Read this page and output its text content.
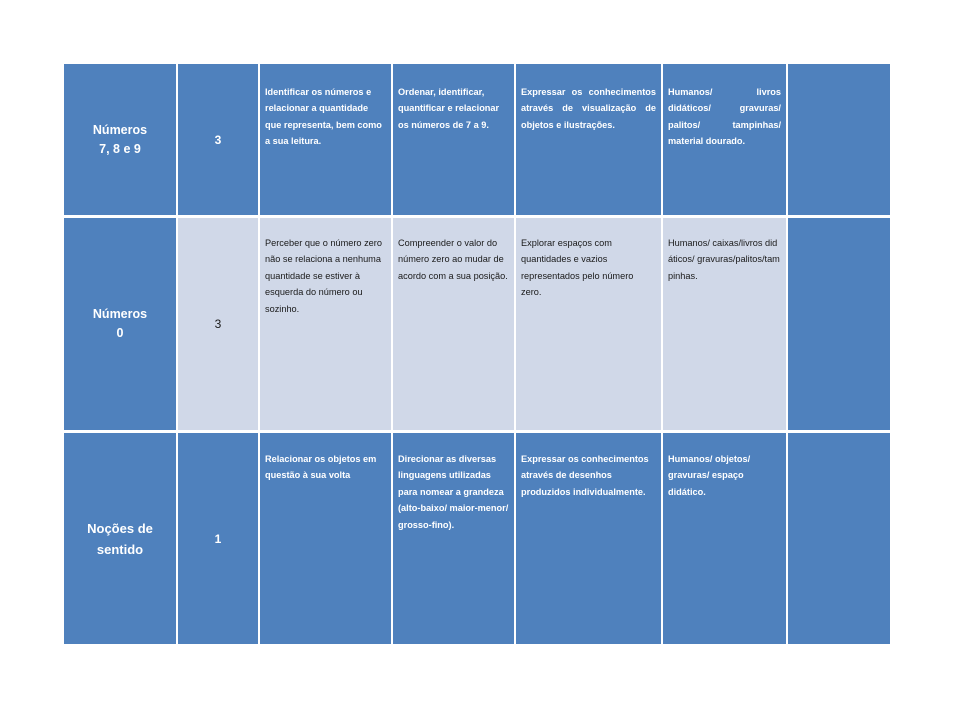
Números
7, 8 e 9
3
Identificar os números e relacionar a quantidade que representa, bem como a sua leitura.
Ordenar, identificar, quantificar e relacionar os números de 7 a 9.
Expressar os conhecimentos através de visualização de objetos e ilustrações.
Humanos/ livros didáticos/ gravuras/ palitos/ tampinhas/ material dourado.
Números
0
3
Perceber que o número zero não se relaciona a nenhuma quantidade se estiver à esquerda do número ou sozinho.
Compreender o valor do número zero ao mudar de acordo com a sua posição.
Explorar espaços com quantidades e vazios representados pelo número zero.
Humanos/ caixas/livros didáticos/ gravuras/palitos/tampinhas.
Noções de
sentido
1
Relacionar os objetos em questão à sua volta
Direcionar as diversas linguagens utilizadas para nomear a grandeza (alto-baixo/ maior-menor/ grosso-fino).
Expressar os conhecimentos através de desenhos produzidos individualmente.
Humanos/ objetos/ gravuras/ espaço didático.
